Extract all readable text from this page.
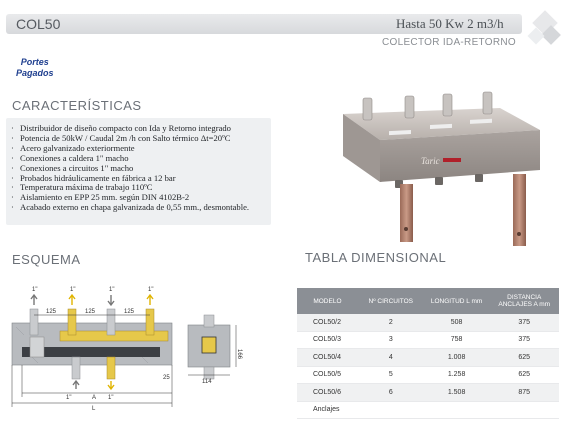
COL50	Hasta 50 Kw 2 m3/h
COLECTOR IDA-RETORNO
Portes
Pagados
CARACTERÍSTICAS
· Distribuidor de diseño compacto con Ida y Retorno integrado
· Potencia de 50kW / Caudal 2m /h con Salto térmico Δt=20ºC
· Acero galvanizado exteriormente
· Conexiones a caldera 1" macho
· Conexiones a circuitos 1" macho
· Probados hidráulicamente en fábrica a 12 bar
· Temperatura máxima de trabajo 110ºC
· Aislamiento en EPP 25 mm. según DIN 4102B-2
· Acabado externo en chapa galvanizada de 0,55 mm., desmontable.
Taric
ESQUEMA
1"	1"	1"	1"
1"	1"
125	125	125
A
L
25
166
114
TABLA DIMENSIONAL
MODELO	Nº CIRCUITOS	LONGITUD L mm	DISTANCIA ANCLAJES A mm
COL50/2	2	508	375
COL50/3	3	758	375
COL50/4	4	1.008	625
COL50/5	5	1.258	625
COL50/6	6	1.508	875
Anclajes			
